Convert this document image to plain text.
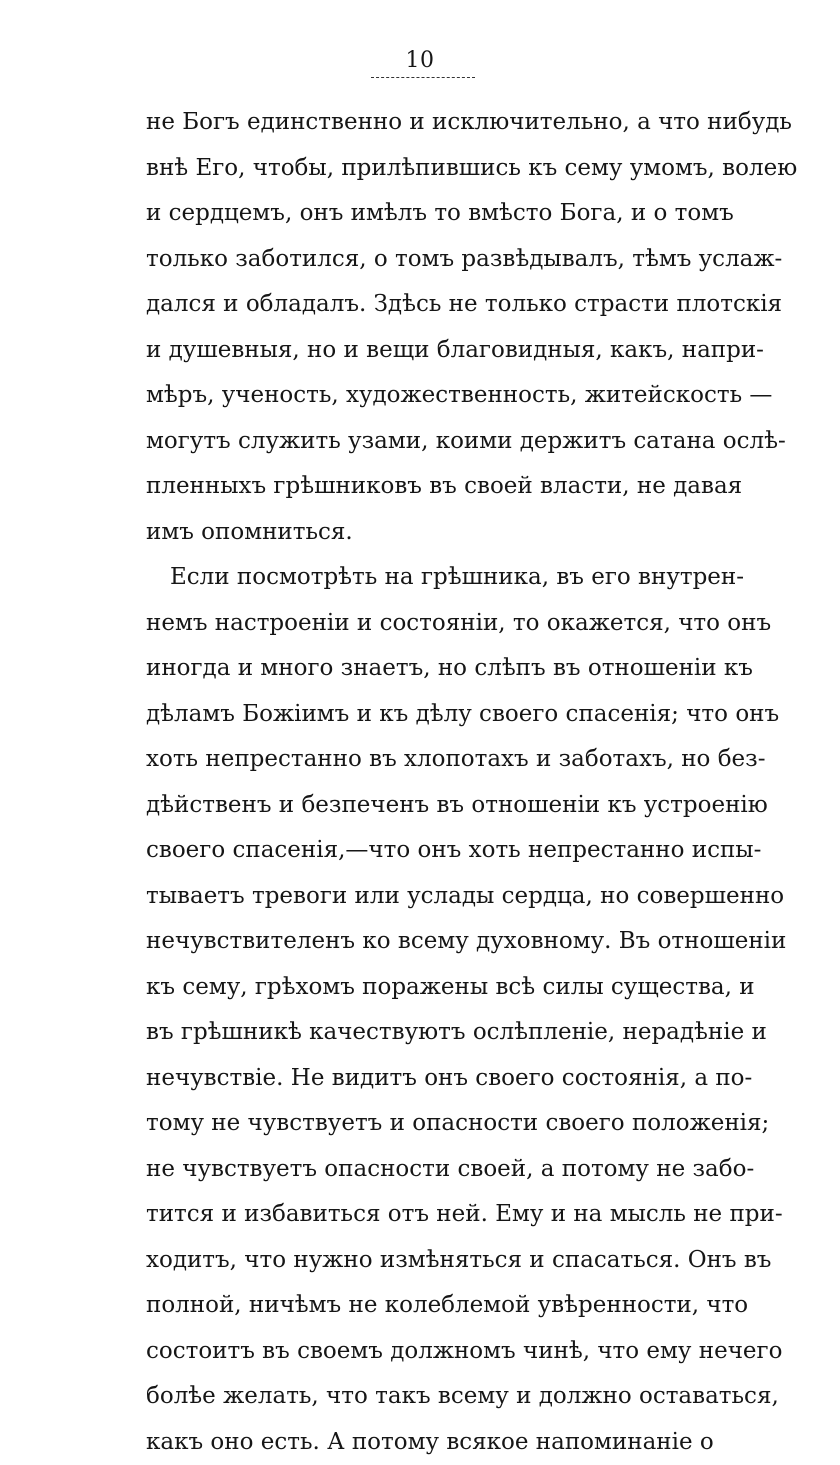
10
не Богъ единственно и исключительно, а что нибудь
внѣ Его, чтобы, прилѣпившись къ сему умомъ, волею
и сердцемъ, онъ имѣлъ то вмѣсто Бога, и о томъ
только заботился, о томъ развѣдывалъ, тѣмъ услаж-
дался и обладалъ. Здѣсь не только страсти плотскія
и душевныя, но и вещи благовидныя, какъ, напри-
мѣръ, ученость, художественность, житейскость —
могутъ служить узами, коими держитъ сатана ослѣ-
пленныхъ грѣшниковъ въ своей власти, не давая
имъ опомниться.
Если посмотрѣть на грѣшника, въ его внутрен-
немъ настроеніи и состояніи, то окажется, что онъ
иногда и много знаетъ, но слѣпъ въ отношеніи къ
дѣламъ Божіимъ и къ дѣлу своего спасенія; что онъ
хоть непрестанно въ хлопотахъ и заботахъ, но без-
дѣйственъ и безпеченъ въ отношеніи къ устроенію
своего спасенія,—что онъ хоть непрестанно испы-
тываетъ тревоги или услады сердца, но совершенно
нечувствителенъ ко всему духовному. Въ отношеніи
къ сему, грѣхомъ поражены всѣ силы существа, и
въ грѣшникѣ качествуютъ ослѣпленіе, нерадѣніе и
нечувствіе. Не видитъ онъ своего состоянія, а по-
тому не чувствуетъ и опасности своего положенія;
не чувствуетъ опасности своей, а потому не забо-
тится и избавиться отъ ней. Ему и на мысль не при-
ходитъ, что нужно измѣняться и спасаться. Онъ въ
полной, ничѣмъ не колеблемой увѣренности, что
состоитъ въ своемъ должномъ чинѣ, что ему нечего
болѣе желать, что такъ всему и должно оставаться,
какъ оно есть. А потому всякое напоминаніе о
